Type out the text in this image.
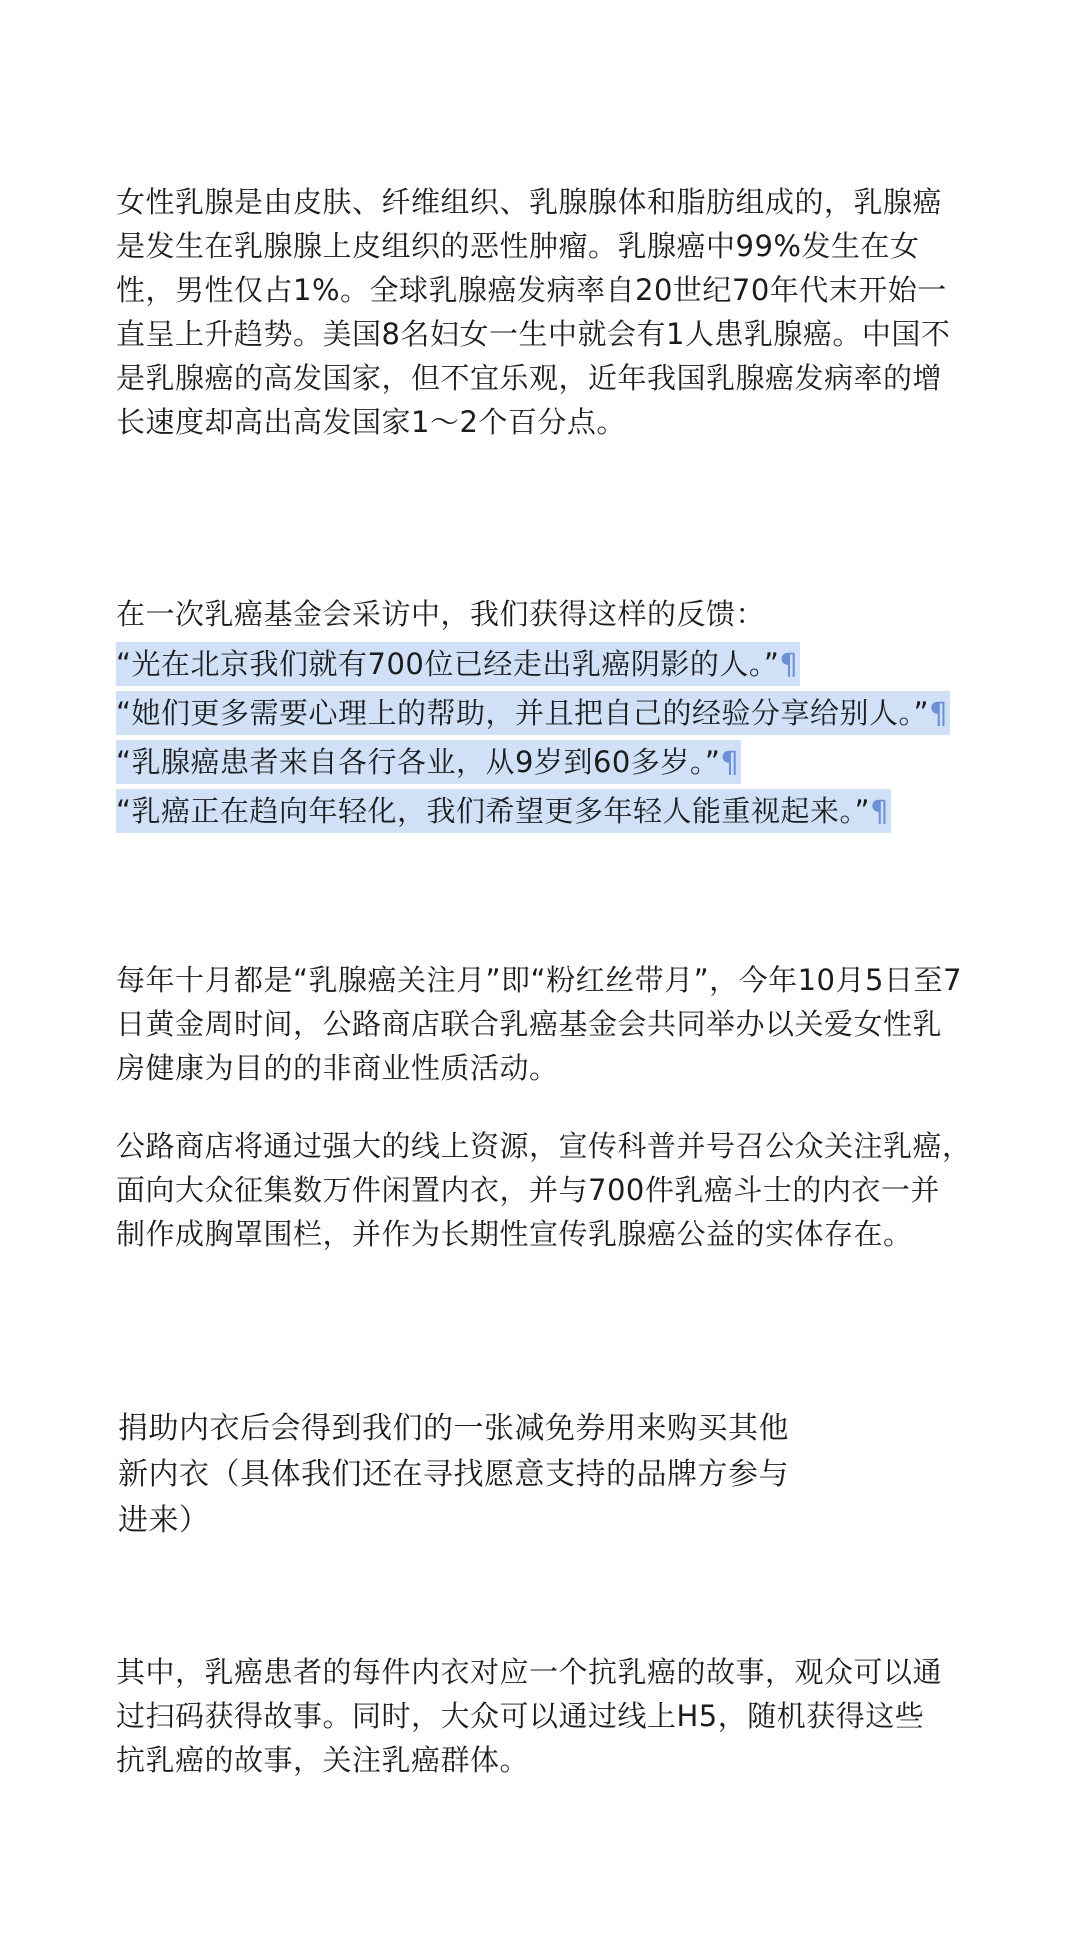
女性乳腺是由皮肤、纤维组织、乳腺腺体和脂肪组成的，乳腺癌
是发生在乳腺腺上皮组织的恶性肿瘤。乳腺癌中99%发生在女
性，男性仅占1%。全球乳腺癌发病率自20世纪70年代末开始一
直呈上升趋势。美国8名妇女一生中就会有1人患乳腺癌。中国不
是乳腺癌的高发国家，但不宜乐观，近年我国乳腺癌发病率的增
长速度却高出高发国家1～2个百分点。
在一次乳癌基金会采访中，我们获得这样的反馈：
“光在北京我们就有700位已经走出乳癌阴影的人。”¶
“她们更多需要心理上的帮助，并且把自己的经验分享给别人。”¶
“乳腺癌患者来自各行各业，从9岁到60多岁。”¶
“乳癌正在趋向年轻化，我们希望更多年轻人能重视起来。”¶
每年十月都是“乳腺癌关注月”即“粉红丝带月”，今年10月5日至7
日黄金周时间，公路商店联合乳癌基金会共同举办以关爱女性乳
房健康为目的的非商业性质活动。
公路商店将通过强大的线上资源，宣传科普并号召公众关注乳癌，
面向大众征集数万件闲置内衣，并与700件乳癌斗士的内衣一并
制作成胸罩围栏，并作为长期性宣传乳腺癌公益的实体存在。
捐助内衣后会得到我们的一张减免券用来购买其他
新内衣（具体我们还在寻找愿意支持的品牌方参与
进来）
其中，乳癌患者的每件内衣对应一个抗乳癌的故事，观众可以通
过扫码获得故事。同时，大众可以通过线上H5，随机获得这些
抗乳癌的故事，关注乳癌群体。
